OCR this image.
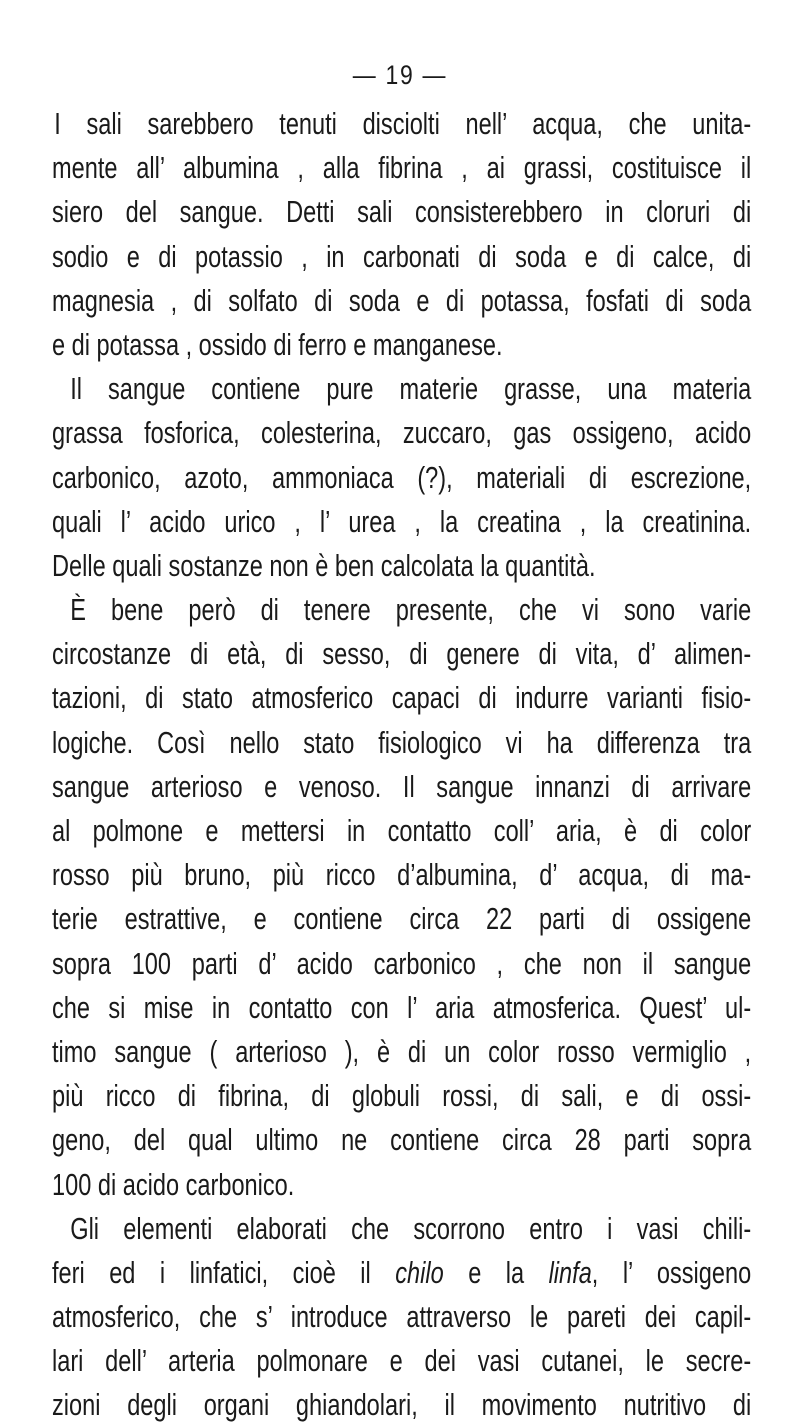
— 19 —
I sali sarebbero tenuti disciolti nell’ acqua, che unita-
mente all’ albumina , alla fibrina , ai grassi, costituisce il
siero del sangue. Detti sali consisterebbero in cloruri di
sodio e di potassio , in carbonati di soda e di calce, di
magnesia , di solfato di soda e di potassa, fosfati di soda
e di potassa , ossido di ferro e manganese.
Il sangue contiene pure materie grasse, una materia
grassa fosforica, colesterina, zuccaro, gas ossigeno, acido
carbonico, azoto, ammoniaca (?), materiali di escrezione,
quali l’ acido urico , l’ urea , la creatina , la creatinina.
Delle quali sostanze non è ben calcolata la quantità.
È bene però di tenere presente, che vi sono varie
circostanze di età, di sesso, di genere di vita, d’ alimen-
tazioni, di stato atmosferico capaci di indurre varianti fisio-
logiche. Così nello stato fisiologico vi ha differenza tra
sangue arterioso e venoso. Il sangue innanzi di arrivare
al polmone e mettersi in contatto coll’ aria, è di color
rosso più bruno, più ricco d’albumina, d’ acqua, di ma-
terie estrattive, e contiene circa 22 parti di ossigene
sopra 100 parti d’ acido carbonico , che non il sangue
che si mise in contatto con l’ aria atmosferica. Quest’ ul-
timo sangue ( arterioso ), è di un color rosso vermiglio ,
più ricco di fibrina, di globuli rossi, di sali, e di ossi-
geno, del qual ultimo ne contiene circa 28 parti sopra
100 di acido carbonico.
Gli elementi elaborati che scorrono entro i vasi chili-
feri ed i linfatici, cioè il chilo e la linfa, l’ ossigeno
atmosferico, che s’ introduce attraverso le pareti dei capil-
lari dell’ arteria polmonare e dei vasi cutanei, le secre-
zioni degli organi ghiandolari, il movimento nutritivo di
